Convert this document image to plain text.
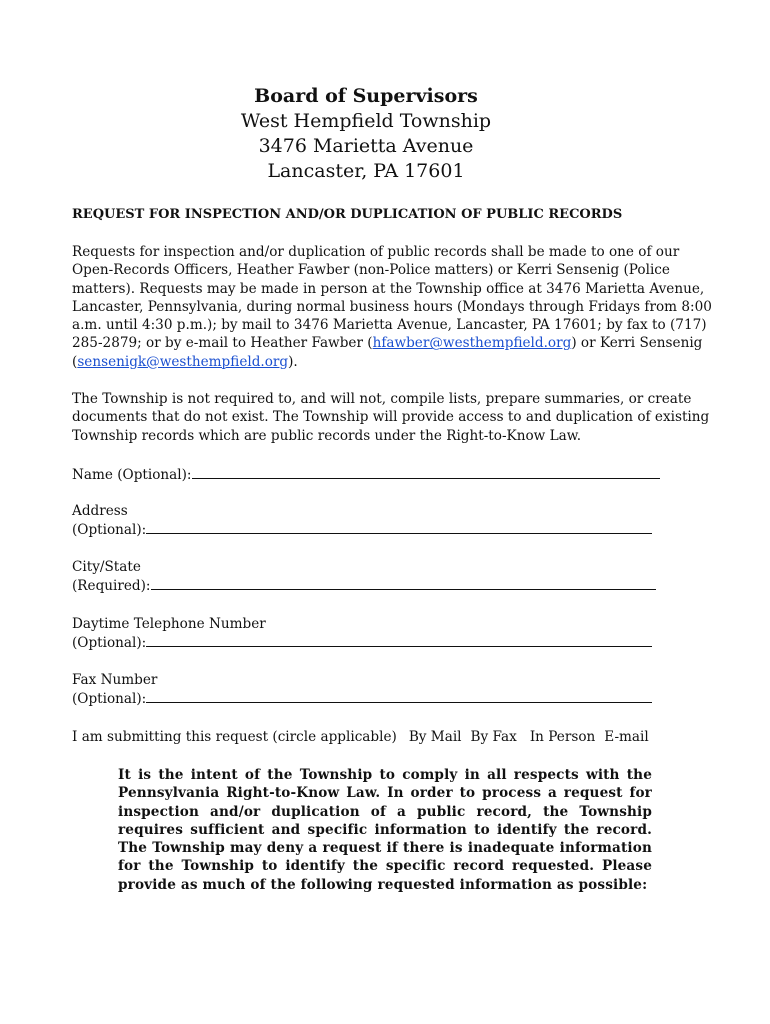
Board of Supervisors
West Hempfield Township
3476 Marietta Avenue
Lancaster, PA 17601
REQUEST FOR INSPECTION AND/OR DUPLICATION OF PUBLIC RECORDS
Requests for inspection and/or duplication of public records shall be made to one of our Open-Records Officers, Heather Fawber (non-Police matters) or Kerri Sensenig (Police matters). Requests may be made in person at the Township office at 3476 Marietta Avenue, Lancaster, Pennsylvania, during normal business hours (Mondays through Fridays from 8:00 a.m. until 4:30 p.m.); by mail to 3476 Marietta Avenue, Lancaster, PA 17601; by fax to (717) 285-2879; or by e-mail to Heather Fawber (hfawber@westhempfield.org) or Kerri Sensenig (sensenigk@westhempfield.org).
The Township is not required to, and will not, compile lists, prepare summaries, or create documents that do not exist. The Township will provide access to and duplication of existing Township records which are public records under the Right-to-Know Law.
Name (Optional):
Address
(Optional):
City/State
(Required):
Daytime Telephone Number
(Optional):
Fax Number
(Optional):
I am submitting this request (circle applicable) By Mail By Fax In Person E-mail
It is the intent of the Township to comply in all respects with the Pennsylvania Right-to-Know Law. In order to process a request for inspection and/or duplication of a public record, the Township requires sufficient and specific information to identify the record. The Township may deny a request if there is inadequate information for the Township to identify the specific record requested. Please provide as much of the following requested information as possible:
